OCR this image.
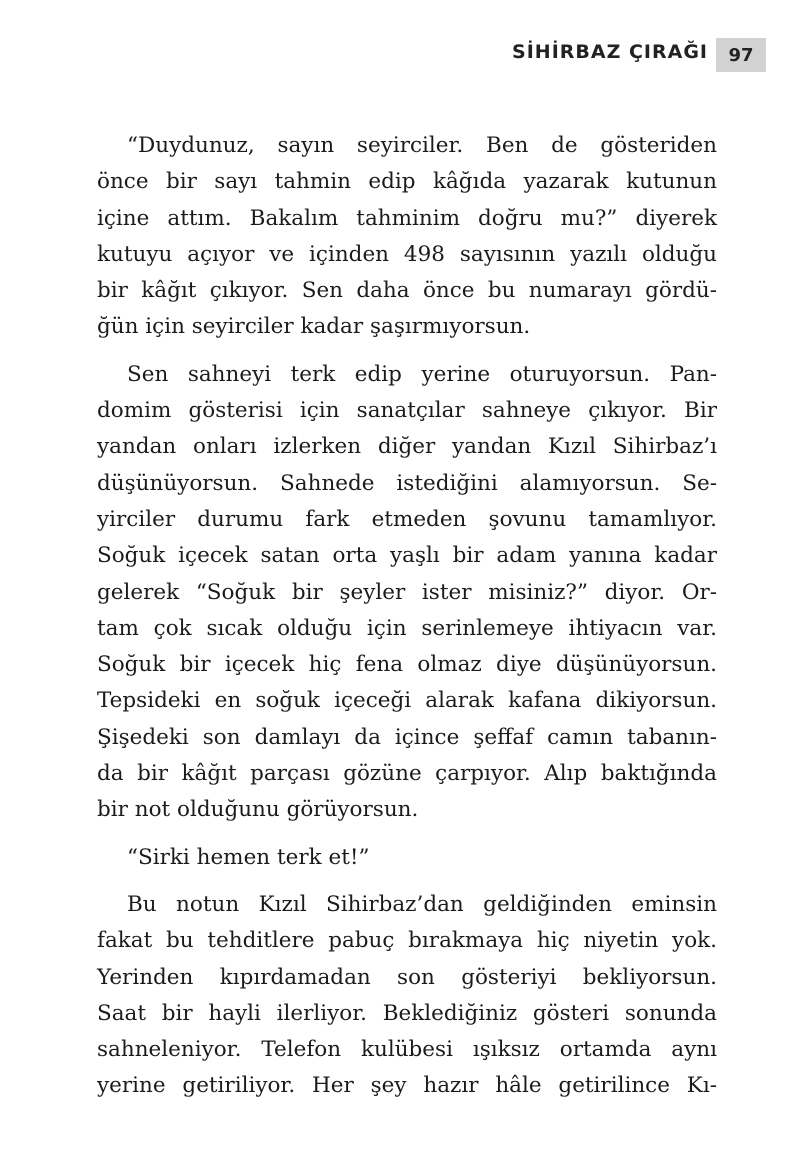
SİHİRBAZ ÇIRAĞI 97

“Duydunuz, sayın seyirciler. Ben de gösteriden
önce bir sayı tahmin edip kâğıda yazarak kutunun
içine attım. Bakalım tahminim doğru mu?” diyerek
kutuyu açıyor ve içinden 498 sayısının yazılı olduğu
bir kâğıt çıkıyor. Sen daha önce bu numarayı gördü-
ğün için seyirciler kadar şaşırmıyorsun.

Sen sahneyi terk edip yerine oturuyorsun. Pan-
domim gösterisi için sanatçılar sahneye çıkıyor. Bir
yandan onları izlerken diğer yandan Kızıl Sihirbaz’ı
düşünüyorsun. Sahnede istediğini alamıyorsun. Se-
yirciler durumu fark etmeden şovunu tamamlıyor.
Soğuk içecek satan orta yaşlı bir adam yanına kadar
gelerek “Soğuk bir şeyler ister misiniz?” diyor. Or-
tam çok sıcak olduğu için serinlemeye ihtiyacın var.
Soğuk bir içecek hiç fena olmaz diye düşünüyorsun.
Tepsideki en soğuk içeceği alarak kafana dikiyorsun.
Şişedeki son damlayı da içince şeffaf camın tabanın-
da bir kâğıt parçası gözüne çarpıyor. Alıp baktığında
bir not olduğunu görüyorsun.

“Sirki hemen terk et!”

Bu notun Kızıl Sihirbaz’dan geldiğinden eminsin
fakat bu tehditlere pabuç bırakmaya hiç niyetin yok.
Yerinden kıpırdamadan son gösteriyi bekliyorsun.
Saat bir hayli ilerliyor. Beklediğiniz gösteri sonunda
sahneleniyor. Telefon kulübesi ışıksız ortamda aynı
yerine getiriliyor. Her şey hazır hâle getirilince Kı-
